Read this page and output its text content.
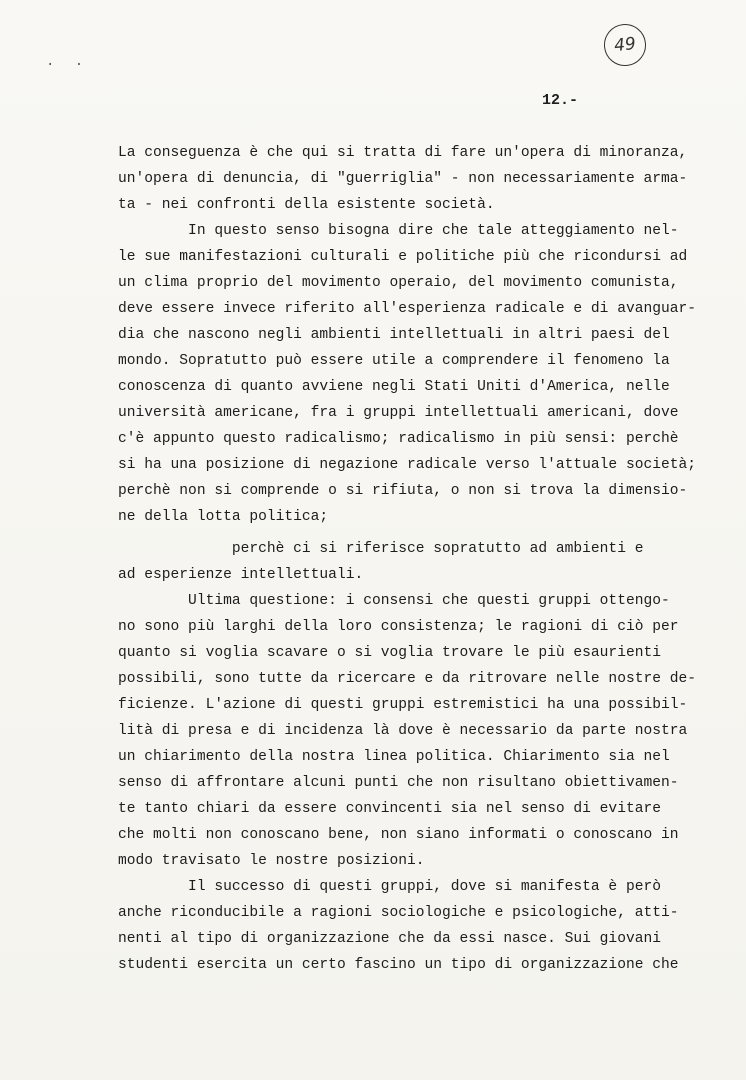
. .
49
12.-
La conseguenza è che qui si tratta di fare un'opera di minoranza,
un'opera di denuncia, di "guerriglia" - non necessariamente arma-
ta - nei confronti della esistente società.
In questo senso bisogna dire che tale atteggiamento nel-
le sue manifestazioni culturali e politiche più che ricondursi ad
un clima proprio del movimento operaio, del movimento comunista,
deve essere invece riferito all'esperienza radicale e di avanguar-
dia che nascono negli ambienti intellettuali in altri paesi del
mondo. Sopratutto può essere utile a comprendere il fenomeno la
conoscenza di quanto avviene negli Stati Uniti d'America, nelle
università americane, fra i gruppi intellettuali americani, dove
c'è appunto questo radicalismo; radicalismo in più sensi: perchè
si ha una posizione di negazione radicale verso l'attuale società;
perchè non si comprende o si rifiuta, o non si trova la dimensio-
ne della lotta politica;
perchè ci si riferisce sopratutto ad ambienti e
ad esperienze intellettuali.
Ultima questione: i consensi che questi gruppi ottengo-
no sono più larghi della loro consistenza; le ragioni di ciò per
quanto si voglia scavare o si voglia trovare le più esaurienti
possibili, sono tutte da ricercare e da ritrovare nelle nostre de-
ficienze. L'azione di questi gruppi estremistici ha una possibil-
lità di presa e di incidenza là dove è necessario da parte nostra
un chiarimento della nostra linea politica. Chiarimento sia nel
senso di affrontare alcuni punti che non risultano obiettivamen-
te tanto chiari da essere convincenti sia nel senso di evitare
che molti non conoscano bene, non siano informati o conoscano in
modo travisato le nostre posizioni.
Il successo di questi gruppi, dove si manifesta è però
anche riconducibile a ragioni sociologiche e psicologiche, atti-
nenti al tipo di organizzazione che da essi nasce. Sui giovani
studenti esercita un certo fascino un tipo di organizzazione che
